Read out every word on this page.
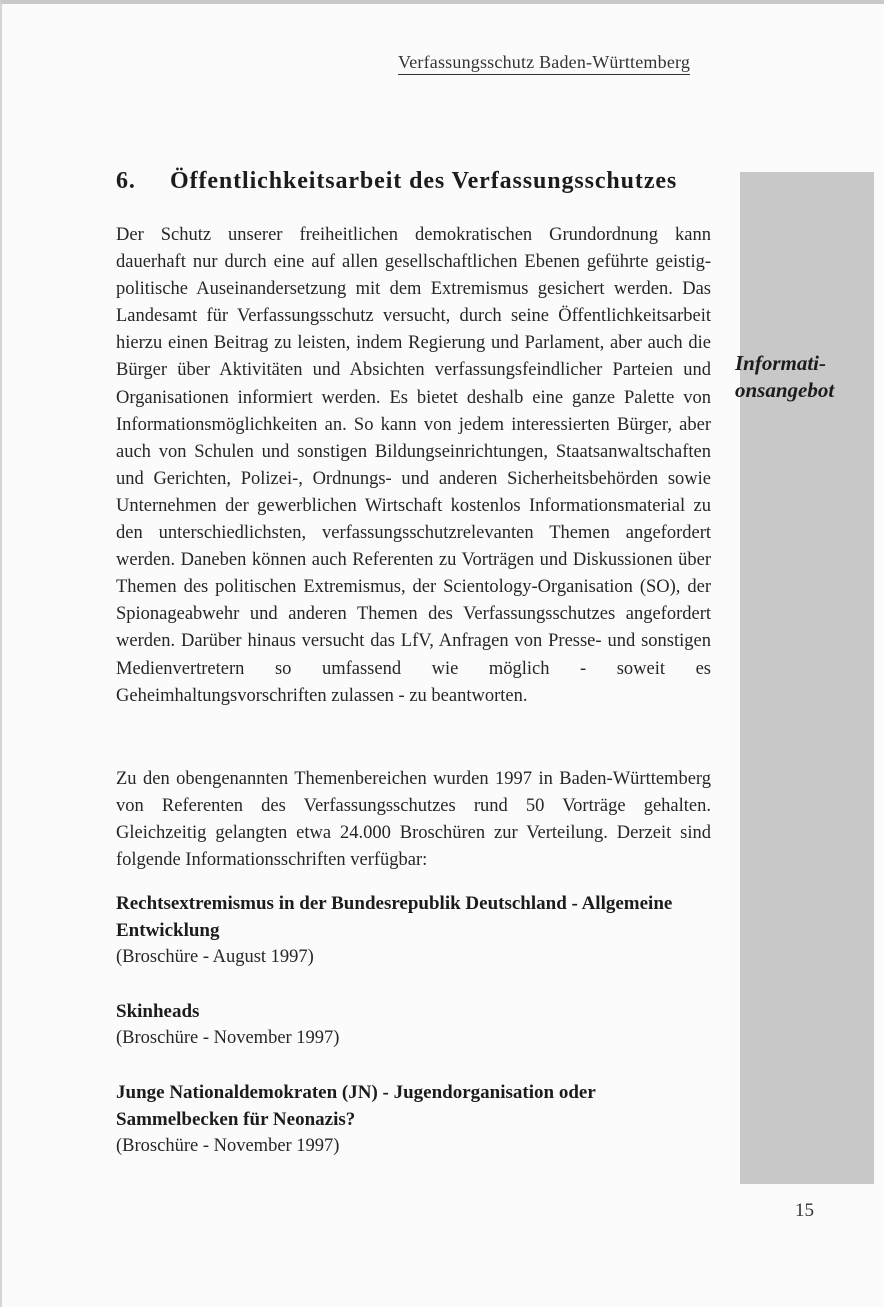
Verfassungsschutz Baden-Württemberg
Informati-
onsangebot
6. Öffentlichkeitsarbeit des Verfassungsschutzes

Der Schutz unserer freiheitlichen demokratischen Grundordnung kann dauerhaft nur durch eine auf allen gesellschaftlichen Ebenen geführte geistig-politische Auseinandersetzung mit dem Extremismus gesichert werden. Das Landesamt für Verfassungsschutz versucht, durch seine Öffentlichkeitsarbeit hierzu einen Beitrag zu leisten, indem Regierung und Parlament, aber auch die Bürger über Aktivitäten und Absichten verfassungsfeindlicher Parteien und Organisationen informiert werden. Es bietet deshalb eine ganze Palette von Informationsmöglichkeiten an. So kann von jedem interessierten Bürger, aber auch von Schulen und sonstigen Bildungseinrichtungen, Staatsanwaltschaften und Gerichten, Polizei-, Ordnungs- und anderen Sicherheitsbehörden sowie Unternehmen der gewerblichen Wirtschaft kostenlos Informationsmaterial zu den unterschiedlichsten, verfassungsschutzrelevanten Themen angefordert werden. Daneben können auch Referenten zu Vorträgen und Diskussionen über Themen des politischen Extremismus, der Scientology-Organisation (SO), der Spionageabwehr und anderen Themen des Verfassungsschutzes angefordert werden. Darüber hinaus versucht das LfV, Anfragen von Presse- und sonstigen Medienvertretern so umfassend wie möglich - soweit es Geheimhaltungsvorschriften zulassen - zu beantworten.

Zu den obengenannten Themenbereichen wurden 1997 in Baden-Württemberg von Referenten des Verfassungsschutzes rund 50 Vorträge gehalten. Gleichzeitig gelangten etwa 24.000 Broschüren zur Verteilung. Derzeit sind folgende Informationsschriften verfügbar:

Rechtsextremismus in der Bundesrepublik Deutschland - Allgemeine Entwicklung
(Broschüre - August 1997)
Skinheads
(Broschüre - November 1997)
Junge Nationaldemokraten (JN) - Jugendorganisation oder Sammelbecken für Neonazis?
(Broschüre - November 1997)
15
